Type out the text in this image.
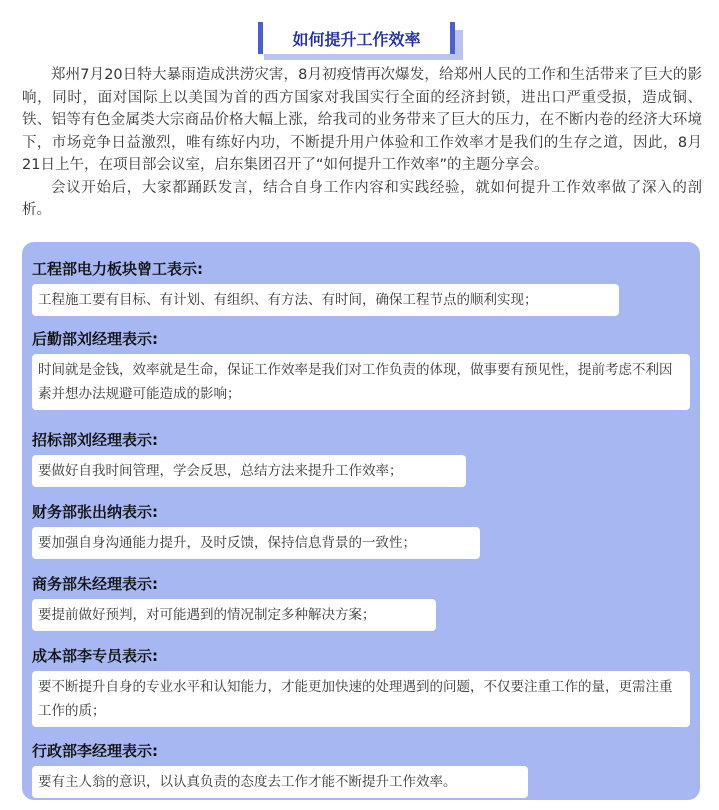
如何提升工作效率

郑州7月20日特大暴雨造成洪涝灾害，8月初疫情再次爆发，给郑州人民的工作和生活带来了巨大的影响，同时，面对国际上以美国为首的西方国家对我国实行全面的经济封锁，进出口严重受损，造成铜、铁、铝等有色金属类大宗商品价格大幅上涨，给我司的业务带来了巨大的压力，在不断内卷的经济大环境下，市场竞争日益激烈，唯有练好内功，不断提升用户体验和工作效率才是我们的生存之道，因此，8月21日上午，在项目部会议室，启东集团召开了“如何提升工作效率”的主题分享会。

会议开始后，大家都踊跃发言，结合自身工作内容和实践经验，就如何提升工作效率做了深入的剖析。

工程部电力板块曾工表示:
工程施工要有目标、有计划、有组织、有方法、有时间，确保工程节点的顺利实现；
后勤部刘经理表示:
时间就是金钱，效率就是生命，保证工作效率是我们对工作负责的体现，做事要有预见性，提前考虑不利因素并想办法规避可能造成的影响；
招标部刘经理表示:
要做好自我时间管理，学会反思，总结方法来提升工作效率；
财务部张出纳表示:
要加强自身沟通能力提升，及时反馈，保持信息背景的一致性；
商务部朱经理表示:
要提前做好预判，对可能遇到的情况制定多种解决方案；
成本部李专员表示:
要不断提升自身的专业水平和认知能力，才能更加快速的处理遇到的问题，不仅要注重工作的量，更需注重工作的质；
行政部李经理表示:
要有主人翁的意识，以认真负责的态度去工作才能不断提升工作效率。
